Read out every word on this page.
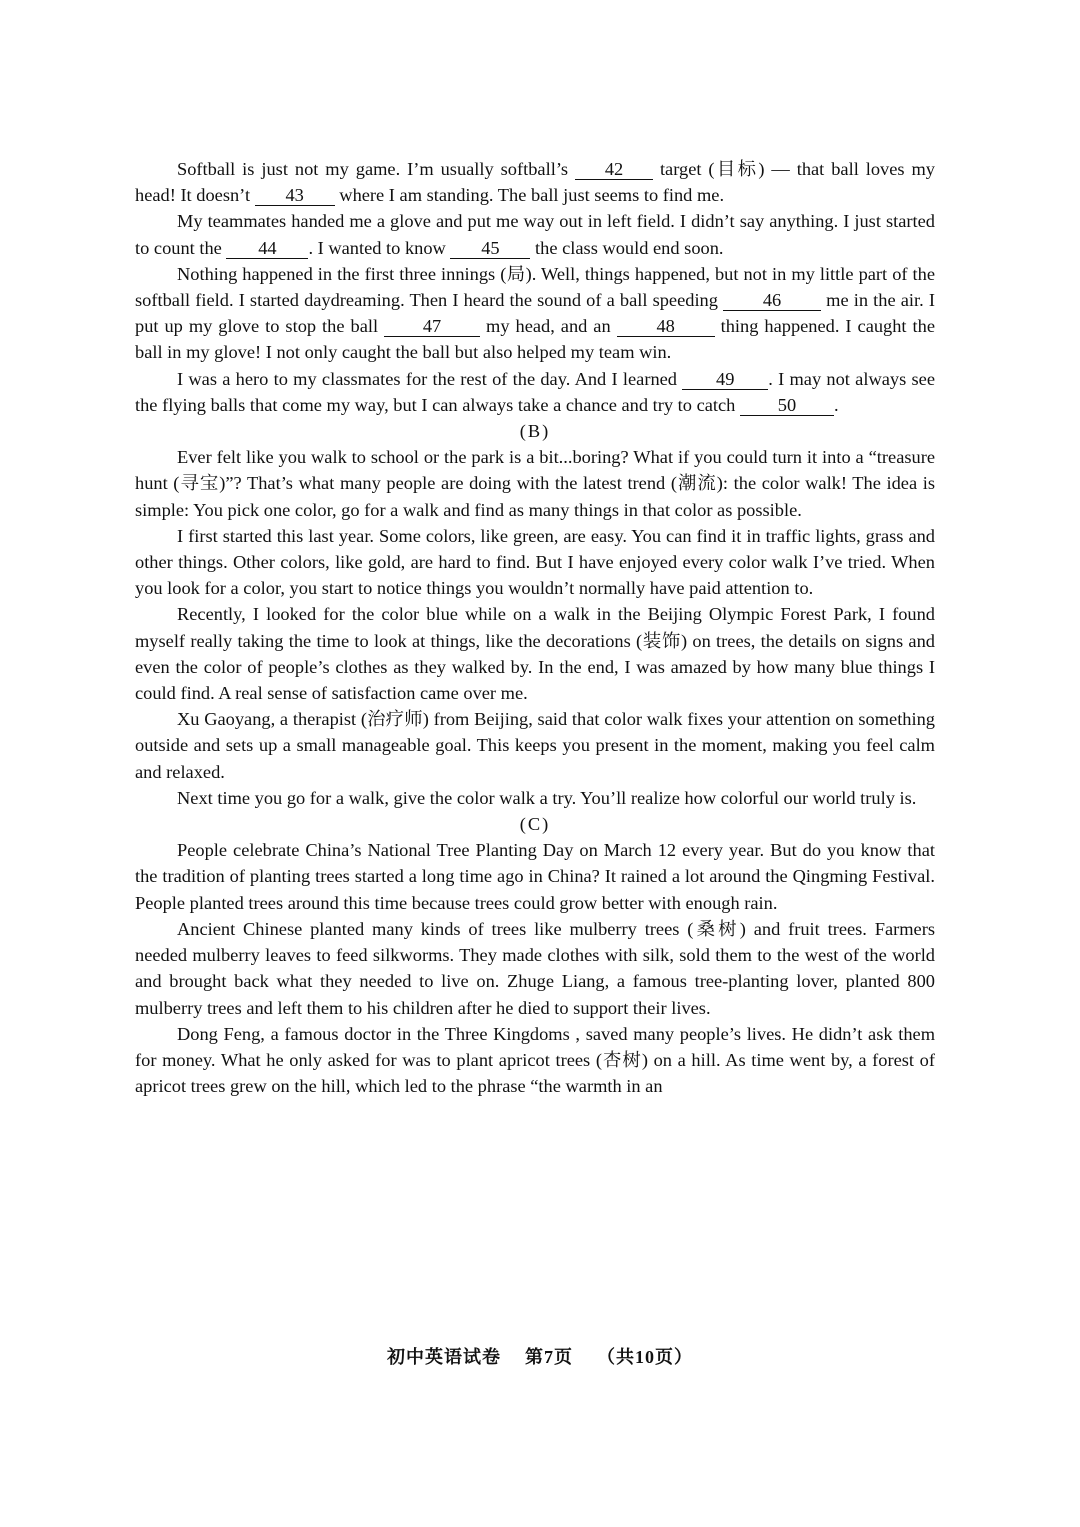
Softball is just not my game. I’m usually softball’s 42 target (目标) — that ball loves my head! It doesn’t 43 where I am standing. The ball just seems to find me.

My teammates handed me a glove and put me way out in left field. I didn’t say anything. I just started to count the 44 . I wanted to know 45 the class would end soon.

Nothing happened in the first three innings (局). Well, things happened, but not in my little part of the softball field. I started daydreaming. Then I heard the sound of a ball speeding 46 me in the air. I put up my glove to stop the ball 47 my head, and an 48 thing happened. I caught the ball in my glove! I not only caught the ball but also helped my team win.

I was a hero to my classmates for the rest of the day. And I learned 49 . I may not always see the flying balls that come my way, but I can always take a chance and try to catch 50 .

(B)

Ever felt like you walk to school or the park is a bit...boring? What if you could turn it into a “treasure hunt (寻宝)”? That’s what many people are doing with the latest trend (潮流): the color walk! The idea is simple: You pick one color, go for a walk and find as many things in that color as possible.

I first started this last year. Some colors, like green, are easy. You can find it in traffic lights, grass and other things. Other colors, like gold, are hard to find. But I have enjoyed every color walk I’ve tried. When you look for a color, you start to notice things you wouldn’t normally have paid attention to.

Recently, I looked for the color blue while on a walk in the Beijing Olympic Forest Park, I found myself really taking the time to look at things, like the decorations (装饰) on trees, the details on signs and even the color of people’s clothes as they walked by. In the end, I was amazed by how many blue things I could find. A real sense of satisfaction came over me.

Xu Gaoyang, a therapist (治疗师) from Beijing, said that color walk fixes your attention on something outside and sets up a small manageable goal. This keeps you present in the moment, making you feel calm and relaxed.

Next time you go for a walk, give the color walk a try. You’ll realize how colorful our world truly is.

(C)

People celebrate China’s National Tree Planting Day on March 12 every year. But do you know that the tradition of planting trees started a long time ago in China? It rained a lot around the Qingming Festival. People planted trees around this time because trees could grow better with enough rain.

Ancient Chinese planted many kinds of trees like mulberry trees (桑树) and fruit trees. Farmers needed mulberry leaves to feed silkworms. They made clothes with silk, sold them to the west of the world and brought back what they needed to live on. Zhuge Liang, a famous tree-planting lover, planted 800 mulberry trees and left them to his children after he died to support their lives.

Dong Feng, a famous doctor in the Three Kingdoms , saved many people’s lives. He didn’t ask them for money. What he only asked for was to plant apricot trees (杏树) on a hill. As time went by, a forest of apricot trees grew on the hill, which led to the phrase “the warmth in an

初中英语试卷 第7页 （共10页）
